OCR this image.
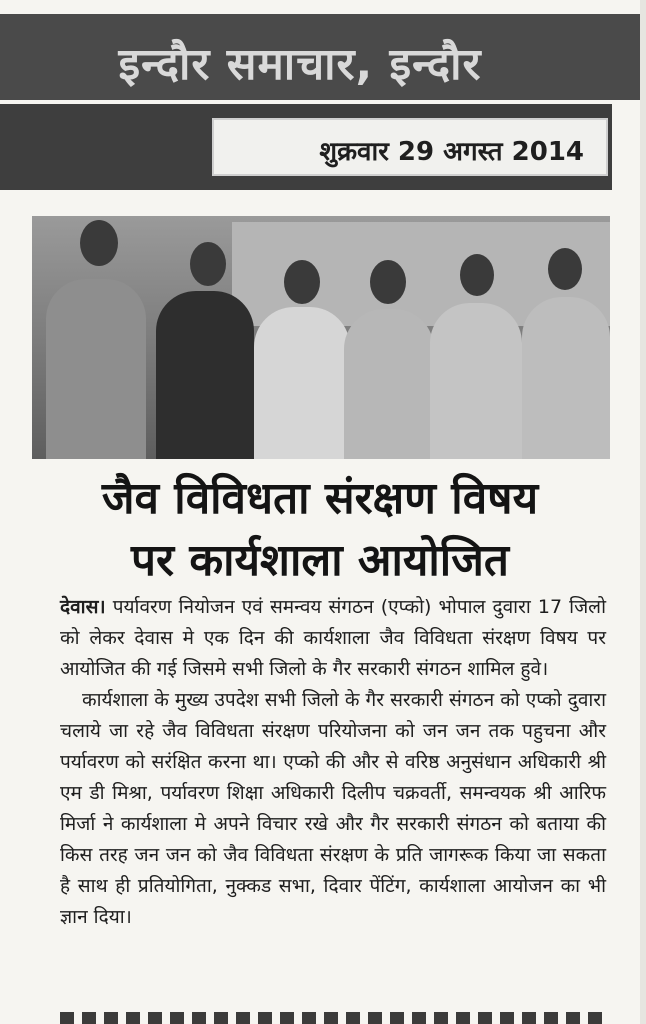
इन्दौर समाचार, इन्दौर
शुक्रवार 29 अगस्त 2014
जैव विविधता संरक्षण विषय
पर कार्यशाला आयोजित

देवास। पर्यावरण नियोजन एवं समन्वय संगठन (एप्को) भोपाल दुवारा 17 जिलो को लेकर देवास मे एक दिन की कार्यशाला जैव विविधता संरक्षण विषय पर आयोजित की गई जिसमे सभी जिलो के गैर सरकारी संगठन शामिल हुवे।

कार्यशाला के मुख्य उपदेश सभी जिलो के गैर सरकारी संगठन को एप्को दुवारा चलाये जा रहे जैव विविधता संरक्षण परियोजना को जन जन तक पहुचना और पर्यावरण को सरंक्षित करना था। एप्को की और से वरिष्ठ अनुसंधान अधिकारी श्री एम डी मिश्रा, पर्यावरण शिक्षा अधिकारी दिलीप चक्रवर्ती, समन्वयक श्री आरिफ मिर्जा ने कार्यशाला मे अपने विचार रखे और गैर सरकारी संगठन को बताया की किस तरह जन जन को जैव विविधता संरक्षण के प्रति जागरूक किया जा सकता है साथ ही प्रतियोगिता, नुक्कड सभा, दिवार पेंटिंग, कार्यशाला आयोजन का भी ज्ञान दिया।
